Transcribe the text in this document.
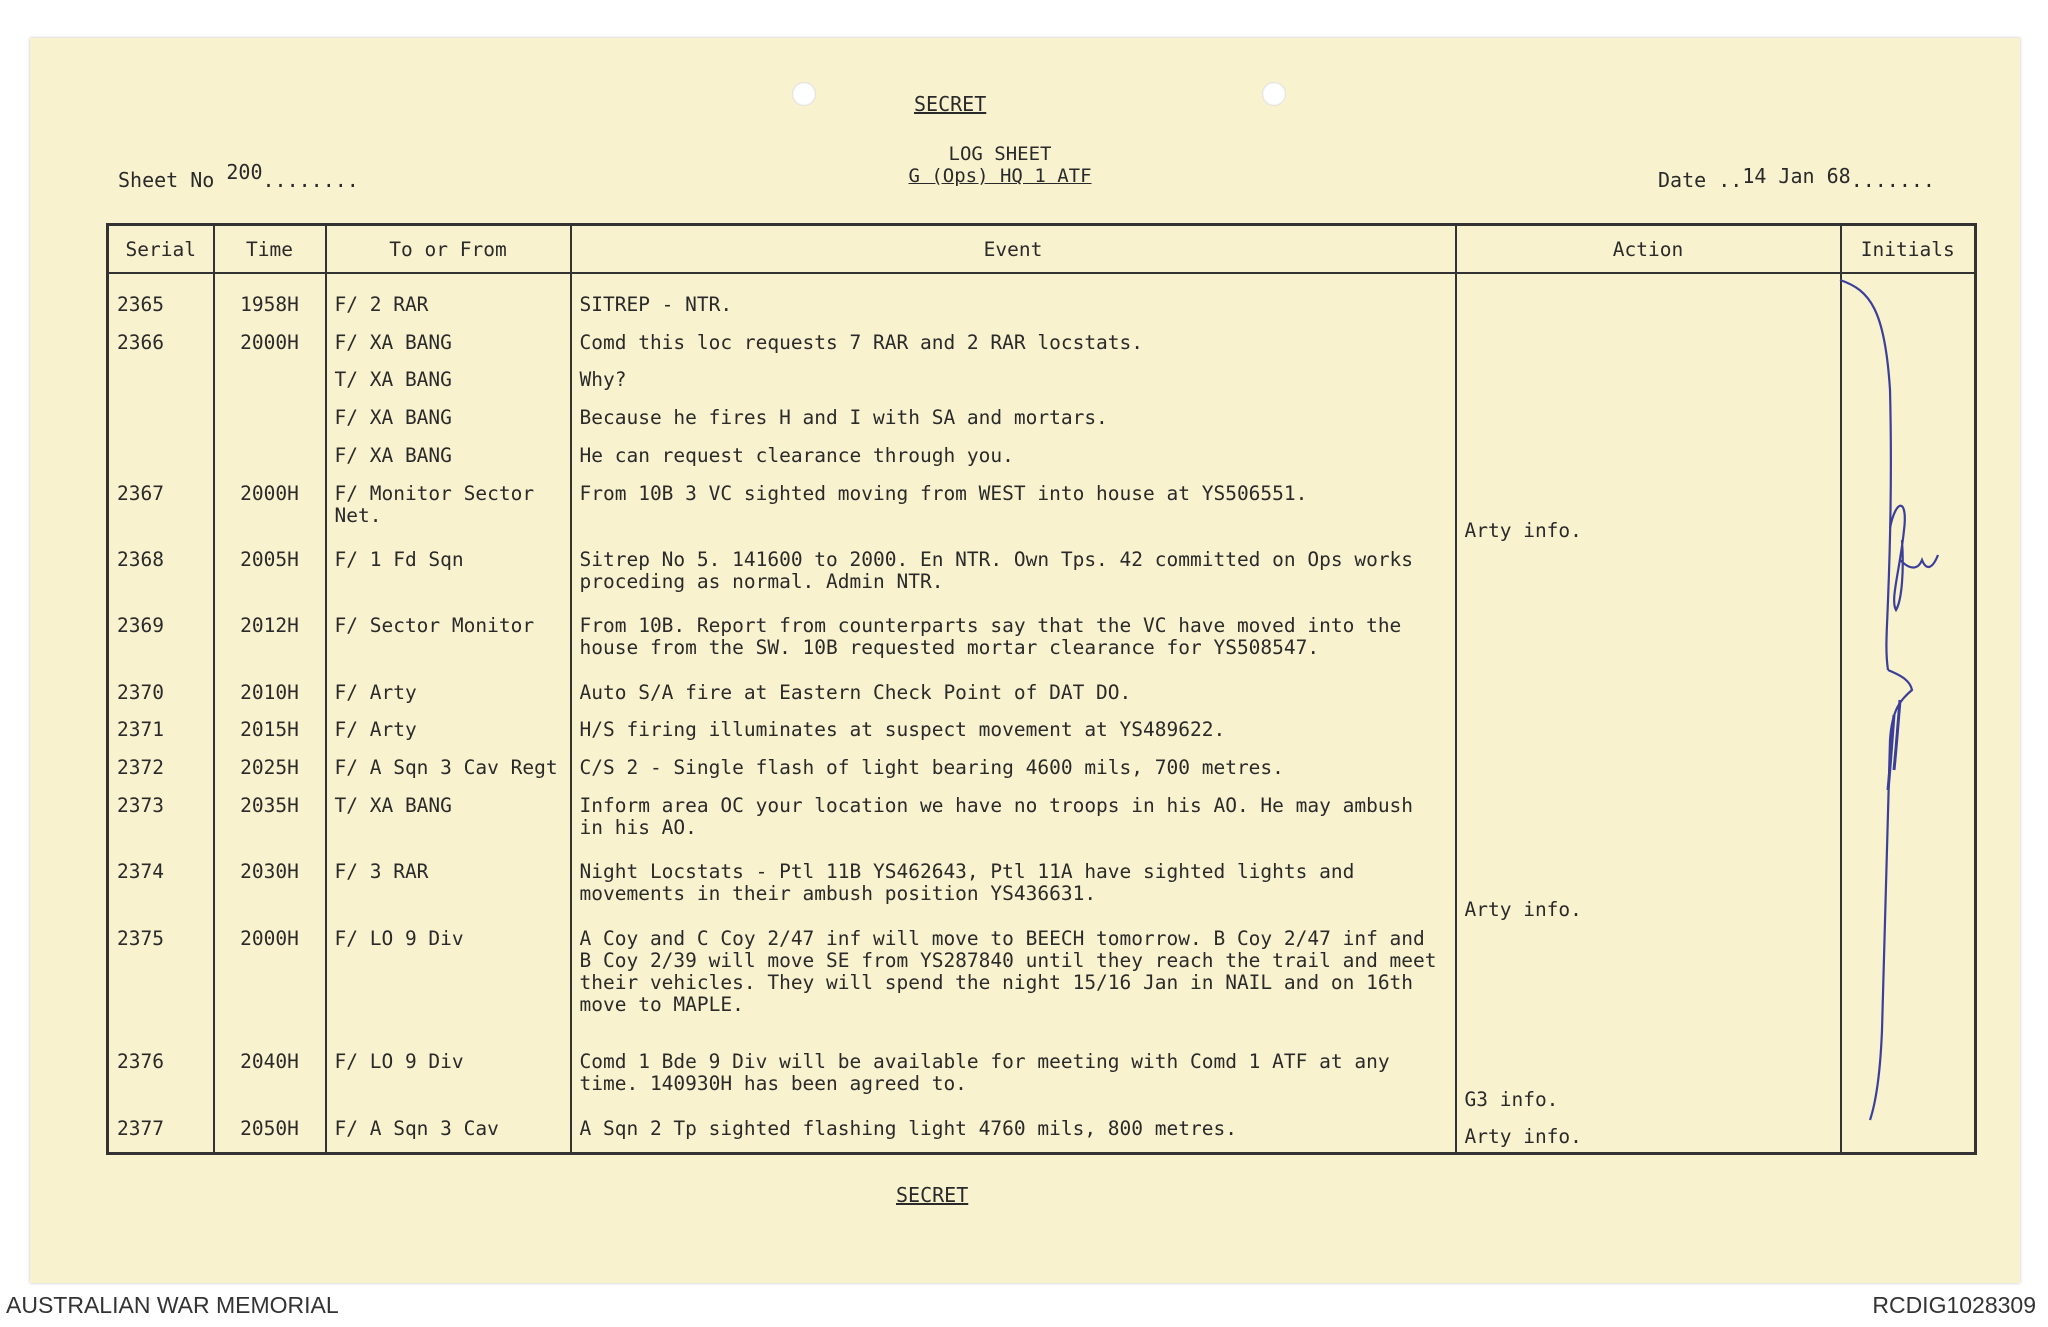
SECRET
LOG SHEET
G (Ops) HQ 1 ATF
Sheet No 200........	Date ..14 Jan 68.......
SECRET
Serial	Time	To or From	Event	Action	Initials

2365	1958H	F/ 2 RAR	SITREP - NTR.		
2366	2000H	F/ XA BANG	Comd this loc requests 7 RAR and 2 RAR locstats.		
		T/ XA BANG	Why?		
		F/ XA BANG	Because he fires H and I with SA and mortars.		
		F/ XA BANG	He can request clearance through you.		
2367	2000H	F/ Monitor Sector Net.	From 10B 3 VC sighted moving from WEST into house at YS506551.	Arty info.	
2368	2005H	F/ 1 Fd Sqn	Sitrep No 5. 141600 to 2000. En NTR. Own Tps. 42 committed on Ops works proceding as normal. Admin NTR.		
2369	2012H	F/ Sector Monitor	From 10B. Report from counterparts say that the VC have moved into the house from the SW. 10B requested mortar clearance for YS508547.		
2370	2010H	F/ Arty	Auto S/A fire at Eastern Check Point of DAT DO.		
2371	2015H	F/ Arty	H/S firing illuminates at suspect movement at YS489622.		
2372	2025H	F/ A Sqn 3 Cav Regt	C/S 2 - Single flash of light bearing 4600 mils, 700 metres.		
2373	2035H	T/ XA BANG	Inform area OC your location we have no troops in his AO. He may ambush in his AO.		
2374	2030H	F/ 3 RAR	Night Locstats - Ptl 11B YS462643, Ptl 11A have sighted lights and movements in their ambush position YS436631.	Arty info.	
2375	2000H	F/ LO 9 Div	A Coy and C Coy 2/47 inf will move to BEECH tomorrow. B Coy 2/47 inf and B Coy 2/39 will move SE from YS287840 until they reach the trail and meet their vehicles. They will spend the night 15/16 Jan in NAIL and on 16th move to MAPLE.		
2376	2040H	F/ LO 9 Div	Comd 1 Bde 9 Div will be available for meeting with Comd 1 ATF at any time. 140930H has been agreed to.	G3 info.	
2377	2050H	F/ A Sqn 3 Cav	A Sqn 2 Tp sighted flashing light 4760 mils, 800 metres.	Arty info.	

AUSTRALIAN WAR MEMORIAL	RCDIG1028309
